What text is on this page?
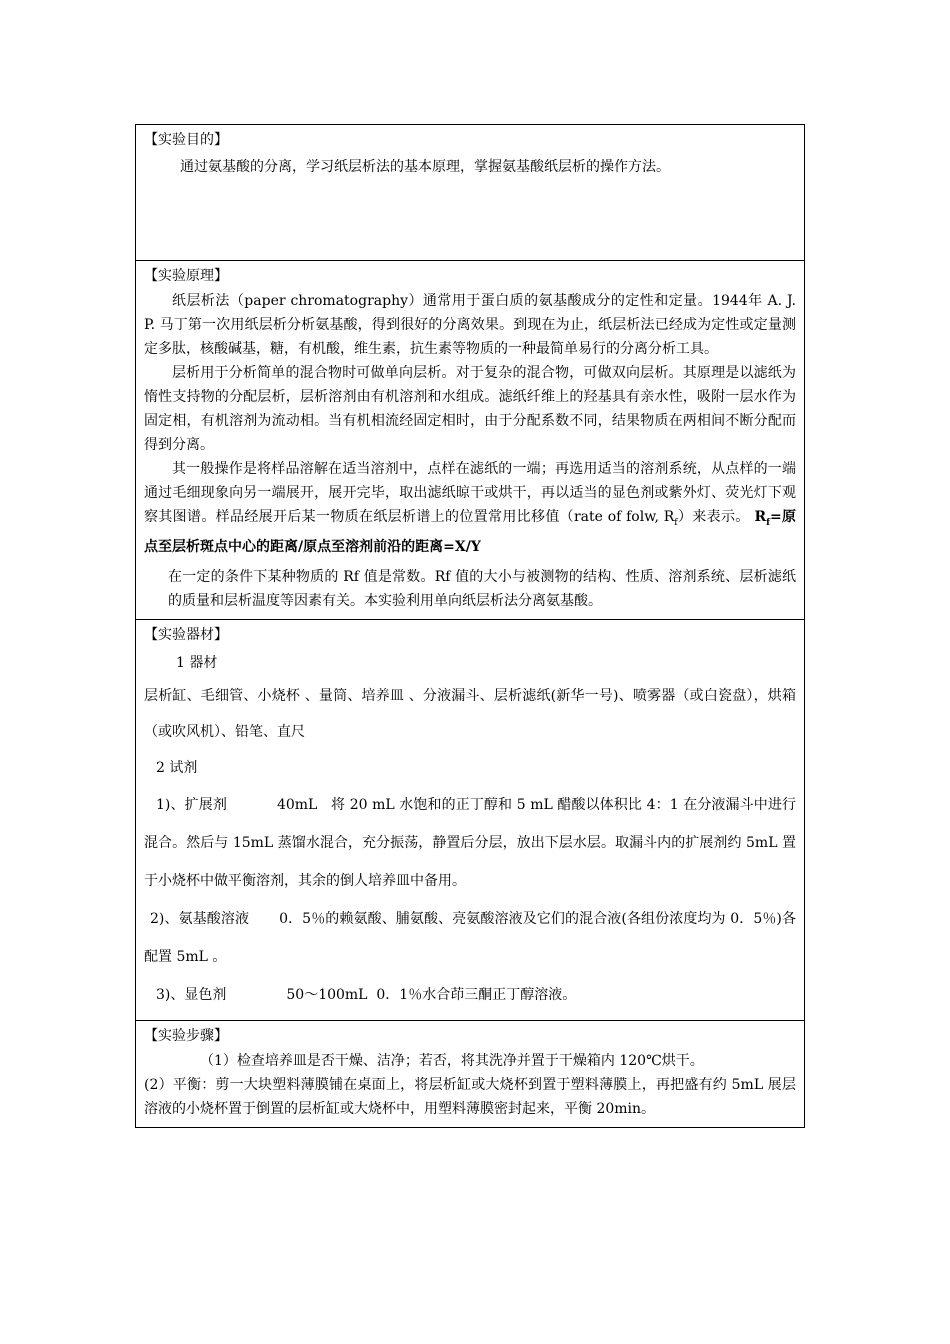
【实验目的】

通过氨基酸的分离，学习纸层析法的基本原理，掌握氨基酸纸层析的操作方法。

【实验原理】

纸层析法（paper chromatography）通常用于蛋白质的氨基酸成分的定性和定量。1944年 A. J. P. 马丁第一次用纸层析分析氨基酸，得到很好的分离效果。到现在为止，纸层析法已经成为定性或定量测定多肽，核酸碱基，糖，有机酸，维生素，抗生素等物质的一种最简单易行的分离分析工具。

层析用于分析简单的混合物时可做单向层析。对于复杂的混合物，可做双向层析。其原理是以滤纸为惰性支持物的分配层析，层析溶剂由有机溶剂和水组成。滤纸纤维上的羟基具有亲水性，吸附一层水作为固定相，有机溶剂为流动相。当有机相流经固定相时，由于分配系数不同，结果物质在两相间不断分配而得到分离。

其一般操作是将样品溶解在适当溶剂中，点样在滤纸的一端；再选用适当的溶剂系统，从点样的一端通过毛细现象向另一端展开，展开完毕，取出滤纸晾干或烘干，再以适当的显色剂或紫外灯、荧光灯下观察其图谱。样品经展开后某一物质在纸层析谱上的位置常用比移值（rate of folw, $R_f$）来表示。 $R_f=$原点至层析斑点中心的距离/原点至溶剂前沿的距离=X/Y

在一定的条件下某种物质的 Rf 值是常数。Rf 值的大小与被测物的结构、性质、溶剂系统、层析滤纸的质量和层析温度等因素有关。本实验利用单向纸层析法分离氨基酸。

【实验器材】

1 器材

层析缸、毛细管、小烧杯 、量筒、培养皿 、分液漏斗、层析滤纸(新华一号)、喷雾器（或白瓷盘），烘箱（或吹风机）、铅笔、直尺

2 试剂

1)、扩展剂	40mL 将 20 mL 水饱和的正丁醇和 5 mL 醋酸以体积比 4：1 在分液漏斗中进行混合。然后与 15mL 蒸馏水混合，充分振荡，静置后分层，放出下层水层。取漏斗内的扩展剂约 5mL 置于小烧杯中做平衡溶剂，其余的倒人培养皿中备用。

2)、氨基酸溶液 0．5％的赖氨酸、脯氨酸、亮氨酸溶液及它们的混合液(各组份浓度均为 0．5％)各配置 5mL 。

3)、显色剂	50～100mL 0．1％水合茚三酮正丁醇溶液。

【实验步骤】

（1）检查培养皿是否干燥、洁净；若否，将其洗净并置于干燥箱内 120℃烘干。

(2）平衡：剪一大块塑料薄膜铺在桌面上，将层析缸或大烧杯到置于塑料薄膜上，再把盛有约 5mL 展层溶液的小烧杯置于倒置的层析缸或大烧杯中，用塑料薄膜密封起来，平衡 20min。
